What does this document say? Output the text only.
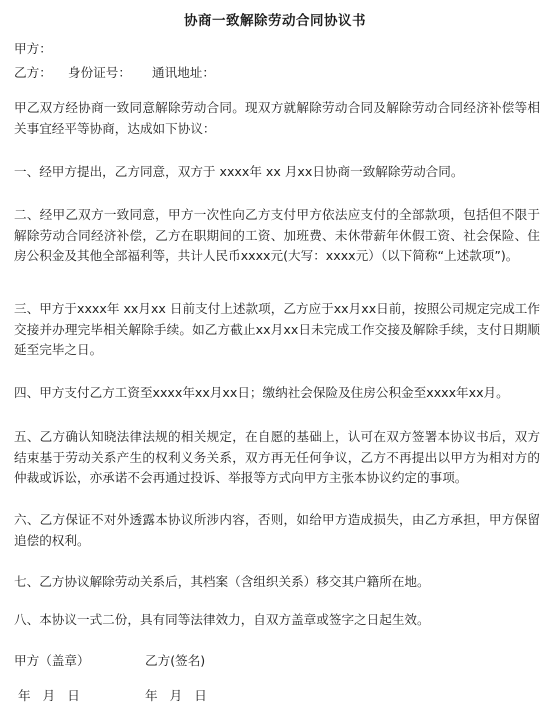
协商一致解除劳动合同协议书
甲方：
乙方： 身份证号： 通讯地址：
甲乙双方经协商一致同意解除劳动合同。现双方就解除劳动合同及解除劳动合同经济补偿等相关事宜经平等协商，达成如下协议：
一、经甲方提出，乙方同意，双方于 xxxx年 xx 月xx日协商一致解除劳动合同。
二、经甲乙双方一致同意，甲方一次性向乙方支付甲方依法应支付的全部款项，包括但不限于解除劳动合同经济补偿，乙方在职期间的工资、加班费、未休带薪年休假工资、社会保险、住房公积金及其他全部福利等，共计人民币xxxx元(大写：xxxx元）（以下简称“上述款项”)。
三、甲方于xxxx年 xx月xx 日前支付上述款项，乙方应于xx月xx日前，按照公司规定完成工作交接并办理完毕相关解除手续。如乙方截止xx月xx日未完成工作交接及解除手续，支付日期顺延至完毕之日。
四、甲方支付乙方工资至xxxx年xx月xx日；缴纳社会保险及住房公积金至xxxx年xx月。
五、乙方确认知晓法律法规的相关规定，在自愿的基础上，认可在双方签署本协议书后，双方结束基于劳动关系产生的权利义务关系，双方再无任何争议，乙方不再提出以甲方为相对方的仲裁或诉讼，亦承诺不会再通过投诉、举报等方式向甲方主张本协议约定的事项。
六、乙方保证不对外透露本协议所涉内容，否则，如给甲方造成损失，由乙方承担，甲方保留追偿的权利。
七、乙方协议解除劳动关系后，其档案（含组织关系）移交其户籍所在地。
八、本协议一式二份，具有同等法律效力，自双方盖章或签字之日起生效。
甲方（盖章）	乙方(签名)
年 月 日	年 月 日
